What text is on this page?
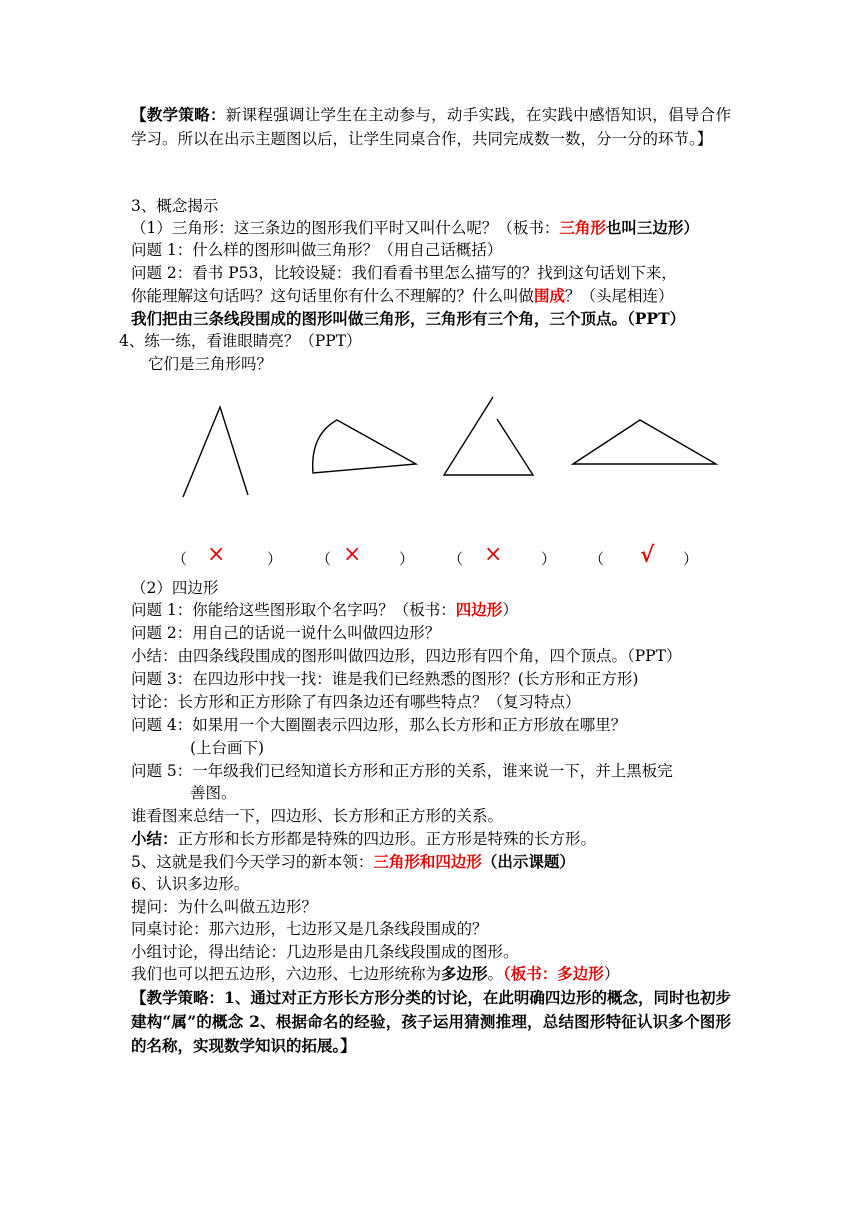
【教学策略：新课程强调让学生在主动参与，动手实践，在实践中感悟知识，倡导合作学习。所以在出示主题图以后，让学生同桌合作，共同完成数一数，分一分的环节。】
3、概念揭示
（1）三角形：这三条边的图形我们平时又叫什么呢？（板书：三角形也叫三边形）
问题 1：什么样的图形叫做三角形？（用自己话概括）
问题 2：看书 P53，比较设疑：我们看看书里怎么描写的？找到这句话划下来，
你能理解这句话吗？这句话里你有什么不理解的？什么叫做围成？（头尾相连）
我们把由三条线段围成的图形叫做三角形，三角形有三个角，三个顶点。（PPT）
4、练一练，看谁眼睛亮？（PPT）
它们是三角形吗？
（ ×	） （ ×	） （ ×	） （ √ ）
（2）四边形
问题 1：你能给这些图形取个名字吗？（板书：四边形）
问题 2：用自己的话说一说什么叫做四边形？
小结：由四条线段围成的图形叫做四边形，四边形有四个角，四个顶点。（PPT）
问题 3：在四边形中找一找：谁是我们已经熟悉的图形？(长方形和正方形)
讨论：长方形和正方形除了有四条边还有哪些特点？（复习特点）
问题 4：如果用一个大圈圈表示四边形，那么长方形和正方形放在哪里？
(上台画下)
问题 5：一年级我们已经知道长方形和正方形的关系，谁来说一下，并上黑板完
善图。
谁看图来总结一下，四边形、长方形和正方形的关系。
小结：正方形和长方形都是特殊的四边形。正方形是特殊的长方形。
5、这就是我们今天学习的新本领：三角形和四边形（出示课题）
6、认识多边形。
提问：为什么叫做五边形？
同桌讨论：那六边形，七边形又是几条线段围成的？
小组讨论，得出结论：几边形是由几条线段围成的图形。
我们也可以把五边形，六边形、七边形统称为多边形。（板书：多边形）
【教学策略：1、通过对正方形长方形分类的讨论，在此明确四边形的概念，同时也初步建构“属”的概念 2、根据命名的经验，孩子运用猜测推理，总结图形特征认识多个图形的名称，实现数学知识的拓展。】
